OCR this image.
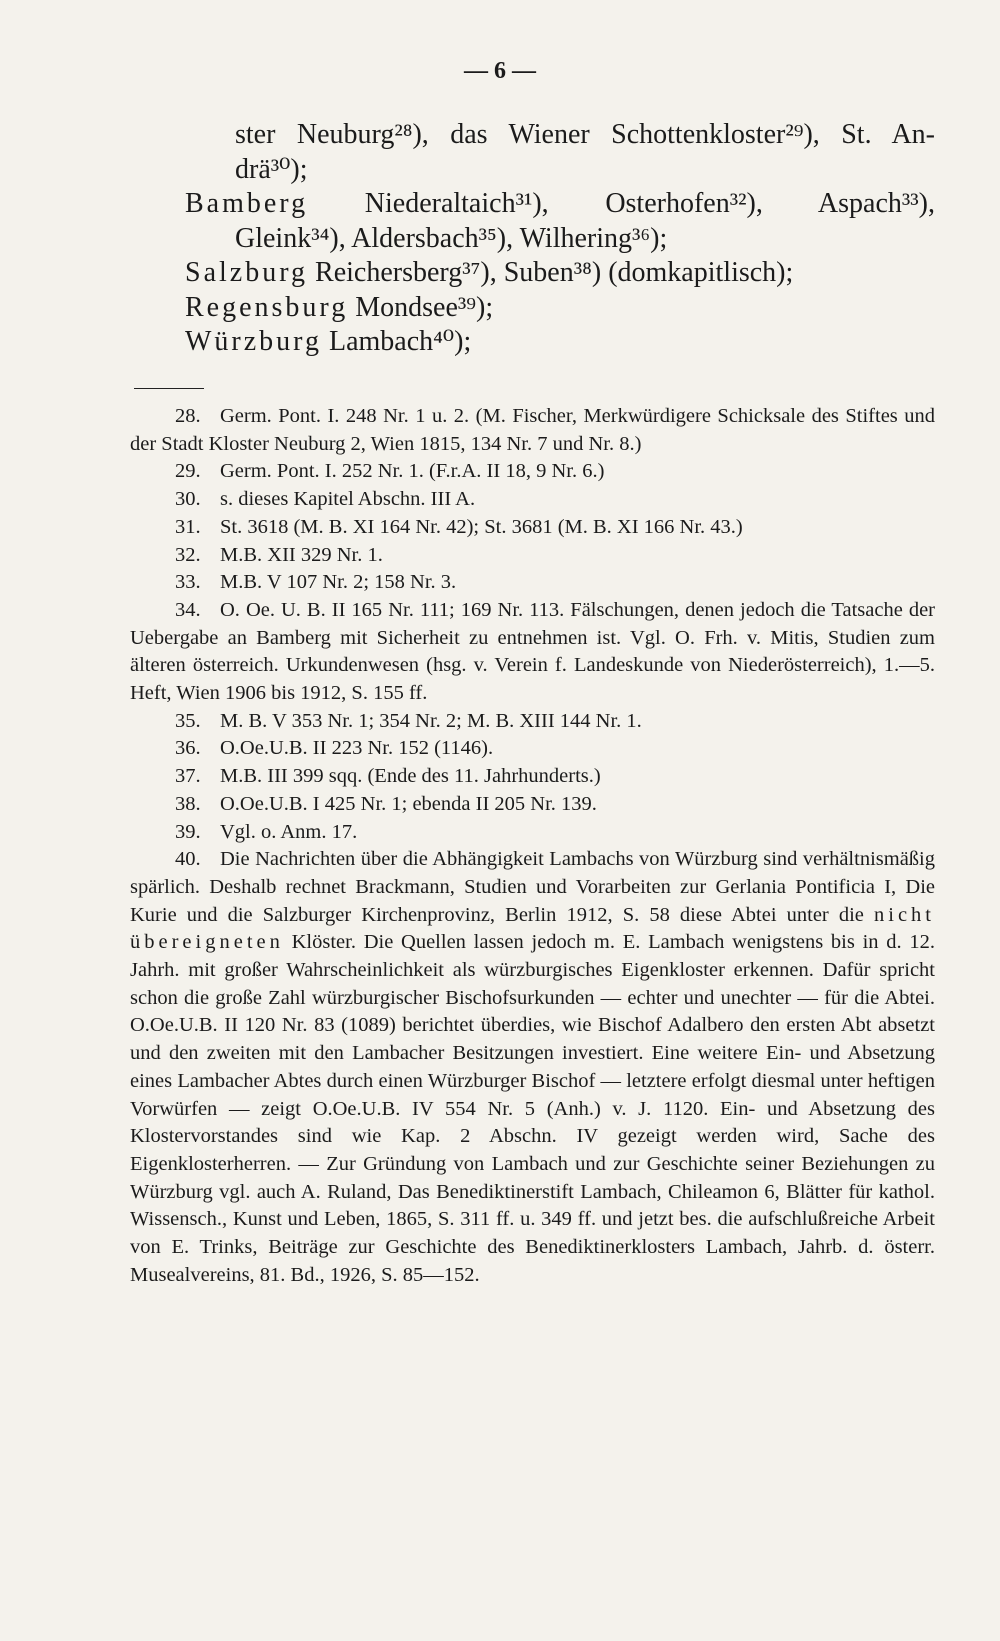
— 6 —

ster Neuburg²⁸), das Wiener Schottenkloster²⁹), St. An-

drä³⁰);

Bamberg Niederaltaich³¹), Osterhofen³²), Aspach³³),

Gleink³⁴), Aldersbach³⁵), Wilhering³⁶);

Salzburg Reichersberg³⁷), Suben³⁸) (domkapitlisch);

Regensburg Mondsee³⁹);

Würzburg Lambach⁴⁰);

28. Germ. Pont. I. 248 Nr. 1 u. 2. (M. Fischer, Merkwürdigere Schicksale des Stiftes und der Stadt Kloster Neuburg 2, Wien 1815, 134 Nr. 7 und Nr. 8.)

29. Germ. Pont. I. 252 Nr. 1. (F.r.A. II 18, 9 Nr. 6.)

30. s. dieses Kapitel Abschn. III A.

31. St. 3618 (M. B. XI 164 Nr. 42); St. 3681 (M. B. XI 166 Nr. 43.)

32. M.B. XII 329 Nr. 1.

33. M.B. V 107 Nr. 2; 158 Nr. 3.

34. O. Oe. U. B. II 165 Nr. 111; 169 Nr. 113. Fälschungen, denen jedoch die Tatsache der Uebergabe an Bamberg mit Sicherheit zu entnehmen ist. Vgl. O. Frh. v. Mitis, Studien zum älteren österreich. Urkundenwesen (hsg. v. Verein f. Landeskunde von Niederösterreich), 1.—5. Heft, Wien 1906 bis 1912, S. 155 ff.

35. M. B. V 353 Nr. 1; 354 Nr. 2; M. B. XIII 144 Nr. 1.

36. O.Oe.U.B. II 223 Nr. 152 (1146).

37. M.B. III 399 sqq. (Ende des 11. Jahrhunderts.)

38. O.Oe.U.B. I 425 Nr. 1; ebenda II 205 Nr. 139.

39. Vgl. o. Anm. 17.

40. Die Nachrichten über die Abhängigkeit Lambachs von Würzburg sind verhältnismäßig spärlich. Deshalb rechnet Brackmann, Studien und Vorarbeiten zur Gerlania Pontificia I, Die Kurie und die Salzburger Kirchenprovinz, Berlin 1912, S. 58 diese Abtei unter die nicht übereigneten Klöster. Die Quellen lassen jedoch m. E. Lambach wenigstens bis in d. 12. Jahrh. mit großer Wahrscheinlichkeit als würzburgisches Eigenkloster erkennen. Dafür spricht schon die große Zahl würzburgischer Bischofsurkunden — echter und unechter — für die Abtei. O.Oe.U.B. II 120 Nr. 83 (1089) berichtet überdies, wie Bischof Adalbero den ersten Abt absetzt und den zweiten mit den Lambacher Besitzungen investiert. Eine weitere Ein- und Absetzung eines Lambacher Abtes durch einen Würzburger Bischof — letztere erfolgt diesmal unter heftigen Vorwürfen — zeigt O.Oe.U.B. IV 554 Nr. 5 (Anh.) v. J. 1120. Ein- und Absetzung des Klostervorstandes sind wie Kap. 2 Abschn. IV gezeigt werden wird, Sache des Eigenklosterherren. — Zur Gründung von Lambach und zur Geschichte seiner Beziehungen zu Würzburg vgl. auch A. Ruland, Das Benediktinerstift Lambach, Chileamon 6, Blätter für kathol. Wissensch., Kunst und Leben, 1865, S. 311 ff. u. 349 ff. und jetzt bes. die aufschlußreiche Arbeit von E. Trinks, Beiträge zur Geschichte des Benediktinerklosters Lambach, Jahrb. d. österr. Musealvereins, 81. Bd., 1926, S. 85—152.
